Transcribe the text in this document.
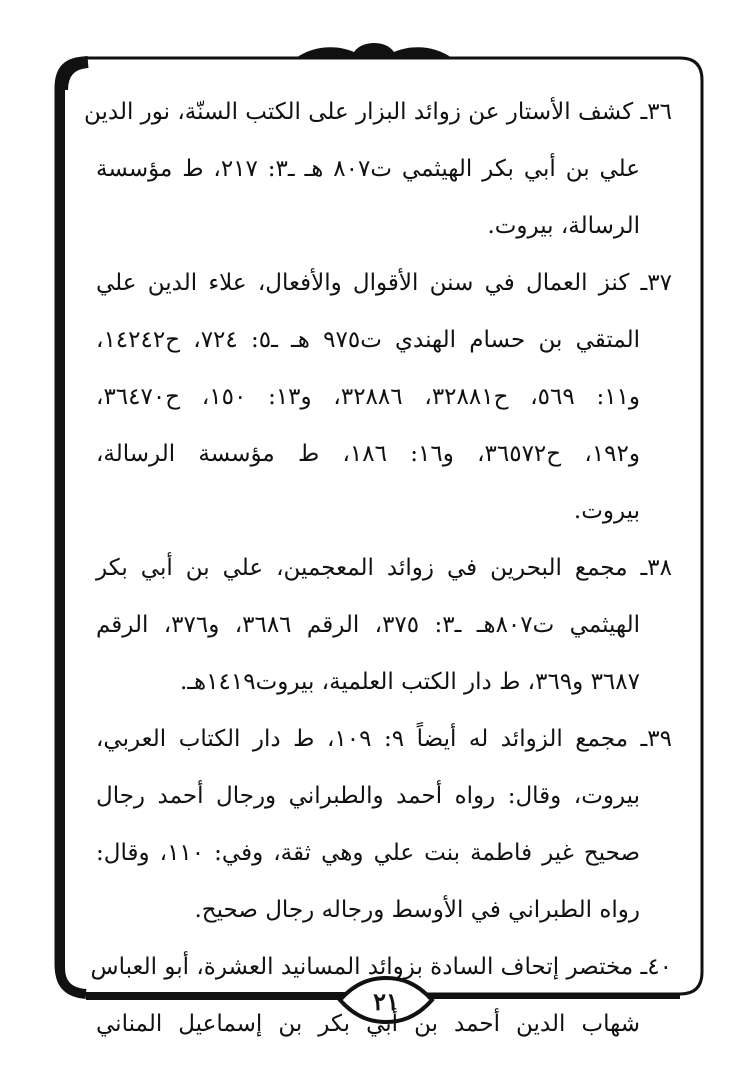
٣٦ـ كشف الأستار عن زوائد البزار على الكتب السنّة، نور الدين
علي بن أبي بكر الهيثمي ت٨٠٧ هـ ـ٣: ٢١٧، ط مؤسسة
الرسالة، بيروت.
٣٧ـ كنز العمال في سنن الأقوال والأفعال، علاء الدين علي
المتقي بن حسام الهندي ت٩٧٥ هـ ـ٥: ٧٢٤، ح١٤٢٤٢،
و١١: ٥٦٩، ح٣٢٨٨١، ٣٢٨٨٦، و١٣: ١٥٠، ح٣٦٤٧٠،
و١٩٢، ح٣٦٥٧٢، و١٦: ١٨٦، ط مؤسسة الرسالة،
بيروت.
٣٨ـ مجمع البحرين في زوائد المعجمين، علي بن أبي بكر
الهيثمي ت٨٠٧هـ ـ٣: ٣٧٥، الرقم ٣٦٨٦، و٣٧٦، الرقم
٣٦٨٧ و٣٦٩، ط دار الكتب العلمية، بيروت١٤١٩هـ.
٣٩ـ مجمع الزوائد له أيضاً ٩: ١٠٩، ط دار الكتاب العربي،
بيروت، وقال: رواه أحمد والطبراني ورجال أحمد رجال
صحيح غير فاطمة بنت علي وهي ثقة، وفي: ١١٠، وقال:
رواه الطبراني في الأوسط ورجاله رجال صحيح.
٤٠ـ مختصر إتحاف السادة بزوائد المسانيد العشرة، أبو العباس
شهاب الدين أحمد بن أبي بكر بن إسماعيل المناني
٢١
